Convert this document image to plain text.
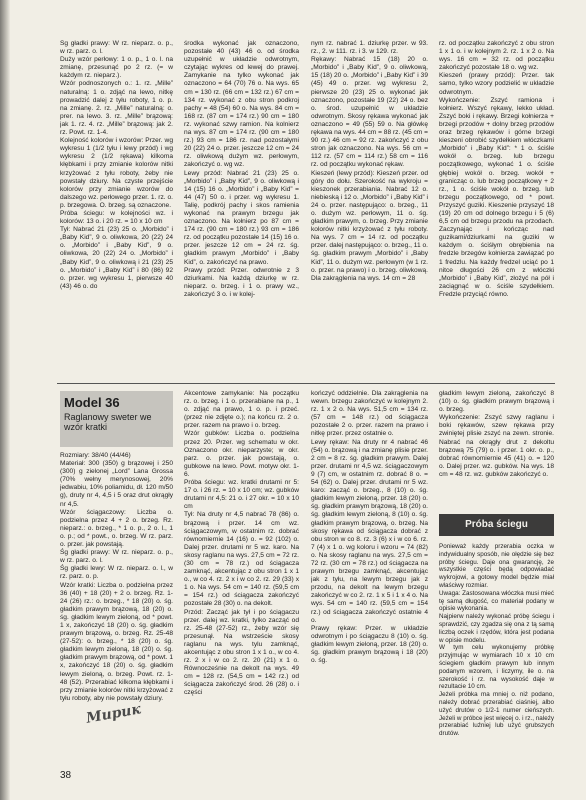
Śg gładki prawy: W rz. nieparz. o. p., w rz. parz. o. l.

Duży wzór perłowy: 1 o. p., 1 o. l. na zmianę, przesunąć po 2 rz. (= w każdym rz. nieparz.).

Wzór podnoszonych o.: 1. rz. „Mille” naturalną: 1 o. zdjąć na lewo, nitkę prowadzić dalej z tyłu roboty, 1 o. p. na zmianę. 2. rz. „Mille” naturalną: o. prer. na lewo. 3. rz. „Mille” brązową: jak 1. rz. 4. rz. „Mille” brązową: jak 2. rz. Powt. rz. 1-4.

Kolejność kolorów i wzorów: Przer. wg wykresu 1 (1/2 tyłu i lewy przód) i wg wykresu 2 (1/2 rękawa) kilkoma kłębkami i przy zmianie kolorów nitki krzyżować z tyłu roboty, żeby nie powstały dziury. Na czyste przejście kolorów przy zmianie wzorów do dalszego wz. perłowego przer. 1. rz. o. p. brzegowa. O. brzeg. są oznaczone.

Próba ściegu: w kolejności wz. i kolorów: 13 o. i 20 rz. = 10 x 10 cm

Tył: Nabrać 21 (23) 25 o. „Morbido” i „Baby Kid”, 9 o. oliwkowa, 20 (22) 24 o. „Morbido” i „Baby Kid”, 9 o. oliwkowa, 20 (22) 24 o. „Morbido” i „Baby Kid”, 9 o. oliwkową i 21 (23) 25 o. „Morbido” i „Baby Kid” i 80 (86) 92 o. przer. wg wykresu 1, pierwsze 40 (43) 46 o. do

środka wykonać jak oznaczono, pozostałe 40 (43) 46 o. od środka uzupełnić w układzie odwrotnym, czytając wykres od lewej do prawej. Zamykanie na tylko wykonać jak oznaczono = 64 (70) 76 o. Na wys. 65 cm = 130 rz. (66 cm = 132 rz.) 67 cm = 134 rz. wykonać z obu stron podkroj pachy = 48 (54) 60 o. Na wys. 84 cm = 168 rz. (87 cm = 174 rz.) 90 cm = 180 rz. wykonać szwy ramion. Na kolnierz na wys. 87 cm = 174 rz. (90 cm = 180 rz.) 93 cm = 186 rz. nad pozostałymi 20 (22) 24 o. przer. jeszcze 12 cm = 24 rz. oliwkową dużym wz. perłowym, zakończyć o. wg wz.

Lewy przód: Nabrać 21 (23) 25 o. „Morbido” i „Baby Kid”, 9 o. oliwkową i 14 (15) 16 o. „Morbido” i „Baby Kid” = 44 (47) 50 o. i przer. wg wykresu 1. Talię, podkrój pachy i skos ramienia wykonać na prawym brzegu jak oznaczono. Na kołnierz po 87 cm = 174 rz. (90 cm = 180 rz.) 93 cm = 186 rz. od początku pozostałe 14 (15) 16 o. przer. jeszcze 12 cm = 24 rz. śg. gładkim prawym „Morbido” i „Baby Kid”, o. zakończyć na prawo.

Prawy przód: Przer. odwrotnie z 3 dziurkami. Na każdą dziurkę w rz. nieparz. o. brzeg. i 1 o. prawy wz., zakończyć 3 o. i w kolej-

nym rz. nabrać 1. dziurkę przer. w 93. rz., 2. w 111. rz. i 3. w 129. rz.

Rękawy: Nabrać 15 (18) 20 o. „Morbido” i „Baby Kid”, 9 o. oliwkową, 15 (18) 20 o. „Morbido” i „Baby Kid” i 39 (45) 49 o. przer. wg wykresu 2, pierwsze 20 (23) 25 o. wykonać jak oznaczono, pozostałe 19 (22) 24 o. bez o. środ. uzupełnić w układzie odwrotnym. Skosy rękawa wykonać jak oznaczono = 49 (55) 59 o. Na główkę rękawa na wys. 44 cm = 88 rz. (45 cm = 90 rz.) 46 cm = 92 rz. zakończyć z obu stron jak oznaczono. Na wys. 56 cm = 112 rz. (57 cm = 114 rz.) 58 cm = 116 rz. od początku wykonać rękaw.

Kieszeń (lewy przód): Kieszeń przer. od góry do dołu. Szerokość na wykroju = kieszonek przerabiania. Nabrać 12 o. niebieską i 12 o. „Morbido” i „Baby Kid” i 24 o. przer. następująco: o. brzeg., 11 o. dużym wz. perłowym, 11 o. śg. gładkim prawym, o. brzeg. Przy zmianie kolorów nitki krzyżować z tyłu roboty. Na wys. 7 cm = 14 rz. od początku przer. dalej następująco: o. brzeg., 11 o. śg. gładkim prawym „Morbido” i „Baby Kid”, 11 o. dużym wz. perłowym (w 1 rz. o. przer. na prawo) i o. brzeg. oliwkową. Dla zakrąglenia na wys. 14 cm = 28

rz. od początku zakończyć z obu stron 1 x 1 o. i w kolejnym 2. rz. 1 x 2 o. Na wys. 16 cm = 32 rz. od początku zakończyć pozostałe 18 o. wg wz.

Kieszeń (prawy przód): Przer. tak samo, tylko wzory podzielić w układzie odwrotnym.

Wykończenie: Zszyć ramiona i kołnierz. Wszyć rękawy, lekko układ. Zszyć boki i rękawy. Brzegi kołnierza + brzegi przodów + dolny brzeg przodów oraz brzeg rękawów i górne brzegi kieszeni obrobić szydełkiem włóczkami „Morbido” i „Baby Kid”: * 1 o. ściśle wokół o. brzeg. lub brzegu początkowego, wykonać 1 o. ściśle głębiej wokół o. brzeg. wokół + granicząc o. lub brzeg początkowy + 2 rz., 1 o. ściśle wokół o. brzeg. lub brzegu początkowego, od * powt. Przyszyć guziki. Kieszenie przyszyć 18 (19) 20 cm od dolnego brzegu i 5 (6) 6,5 cm od brzegu przodu na przodach. Zaczynając i kończąc nad guzikami/dziurkami na guziki w każdym o. ściśłym obrębienia na fredzle brzegów kołnierza zawiązać po 1 fredzlu. Na każdy fredzel uciąć po 1 nitce długości 26 cm z włóczki „Morbido” i „Baby Kid”, złożyć na pół i zaciągnąć w o. ściśle szydełkiem. Fredzle przyciąć równo.

Model 36
Raglanowy sweter we wzór kratki

Rozmiary: 38/40 (44/46)

Materiał: 300 (350) g brązowej i 250 (300) g zielonej „Lord” Lana Grossa (70% wełny merynosowej, 20% jedwabiu, 10% poliamidu, dł. 120 m/50 g), druty nr 4, 4,5 i 5 oraz drut okrągły nr 4,5.

Wzór ściągaczowy: Liczba o. podzielna przez 4 + 2 o. brzeg. Rz. nieparz.: o. brzeg., * 1 o. p., 2 o. l., 1 o. p.; od * powt., o. brzeg. W rz. parz. o. przer. jak powstają.

Śg gładki prawy: W rz. nieparz. o. p., w rz. parz. o. l.

Śg gładki lewy: W rz. nieparz. o. l., w rz. parz. o. p.

Wzór kratki: Liczba o. podzielna przez 36 (40) + 18 (20) + 2 o. brzeg. Rz. 1-24 (26) rz.: o. brzeg., * 18 (20) o. śg. gładkim prawym brązową, 18 (20) o. śg. gładkim lewym zieloną, od * powt. 1 x, zakończyć 18 (20) o. śg. gładkim prawym brązową, o. brzeg. Rz. 25-48 (27-52): o. brzeg., * 18 (20) o. śg. gładkim lewym zieloną, 18 (20) o. śg. gładkim prawym brązową, od * powt. 1 x, zakończyć 18 (20) o. śg. gładkim lewym zieloną, o. brzeg. Powt. rz. 1-48 (52). Przerabiać kilkoma kłębkami i przy zmianie kolorów nitki krzyżować z tyłu roboty, aby nie powstały dziury.

Akcentowe zamykanie: Na początku rz. o. brzeg. i 1 o. przerabiane na p., 1 o. zdjąć na prawo, 1 o. p. i przeć. (przez nie zdjęte o.); na końcu rz. 2 o. przer. razem na prawo i o. brzeg.

Wzór gubków: Liczba o. podzielna przez 20. Przer. wg schematu w okr. Oznaczono okr. nieparzyste; w okr. parz. o. przer. jak powstają, o. gubkowe na lewo. Powt. motyw okr. 1-6.

Próba ściegu: wz. kratki drutami nr 5: 17 o. i 26 rz. = 10 x 10 cm; wz. gubków drutami nr 4,5: 21 o. i 27 okr. = 10 x 10 cm

Tył: Na druty nr 4,5 nabrać 78 (86) o. brązową i przer. 14 cm wz. ściągaczowym, w ostatnim rz. dobrać równomiernie 14 (16) o. = 92 (102) o. Dalej przer. drutami nr 5 wz. karo. Na skosy raglanu na wys. 27,5 cm = 72 rz. (30 cm = 78 rz.) od ściągacza zamknąć, akcentując z obu stron 1 x 1 o., w co 4. rz. 2 x i w co 2. rz. 29 (33) x 1 o. Na wys. 54 cm = 140 rz. (59,5 cm = 154 rz.) od ściągacza zakończyć pozostałe 28 (30) o. na dekolt.

Przód: Zacząć jak tył i po ściągaczu przer. dalej wz. kratki, tylko zacząć od rz. 25-48 (27-52) rz., żeby wzór się przesunął. Na wstrzeście skosy raglanu na wys. tylu zamknąć, akcentując z obu stron 1 x 1 o., w co 4. rz. 2 x i w co 2. rz. 20 (21) x 1 o. Równocześnie na dekolt na wys. 49 cm = 128 rz. (54,5 cm = 142 rz.) od ściągacza zakończyć środ. 26 (28) o. i części

kończyć oddzielnie. Dla zakrąglenia na wewn. brzegu zakończyć w kolejnym 2. rz. 1 x 2 o. Na wys. 51,5 cm = 134 rz. (57 cm = 148 rz.) od ściągacza pozostałe 2 o. przer. razem na prawo i nitkę przer. przez ostatnie o.

Lewy rękaw: Na druty nr 4 nabrać 46 (54) o. brązową i na zmianę plisie przer. 2 cm = 8 rz. śg. gładkim prawym. Dalej przer. drutami nr 4,5 wz. ściągaczowym 9 (7) cm, w ostatnim rz. dobrać 8 o. = 54 (62) o. Dalej przer. drutami nr 5 wz. karo: zacząć o. brzeg., 8 (10) o. śg. gładkim lewym zieloną, przer. 18 (20) o. śg. gładkim prawym brązową, 18 (20) o. śg. gładkim lewym zieloną, 8 (10) o. śg. gładkim prawym brązową, o. brzeg. Na skosy rękawa od ściągacza dobrać z obu stron w co 8. rz. 3 (6) x i w co 6. rz. 7 (4) x 1 o. wg koloru i wzoru = 74 (82) o. Na skosy raglanu na wys. 27,5 cm = 72 rz. (30 cm = 78 rz.) od ściągacza na prawym brzegu zamknąć, akcentując jak z tyłu, na lewym brzegu jak z przodu, na dekolt na lewym brzegu zakończyć w co 2. rz. 1 x 5 i 1 x 4 o. Na wys. 54 cm = 140 rz. (59,5 cm = 154 rz.) od ściągacza zakończyć ostatnie 4 o.

Prawy rękaw: Przer. w układzie odwrotnym i po ściągaczu 8 (10) o. śg. gładkim lewym zieloną, przer. 18 (20) o. śg. gładkim prawym brązową i 18 (20) o. śg.

gładkim lewym zieloną, zakończyć 8 (10) o. śg. gładkim prawym brązową i o. brzeg.

Wykończenie: Zszyć szwy raglanu i boki rękawów, szew rękawa przy zwiniętej plisie zszyć na zewn. stronie. Nabrać na okrągły drut z dekoltu brązową 75 (79) o. i przer. 1 okr. o. p., dobrać równomiernie 45 (41) o. = 120 o. Dalej przer. wz. gubków. Na wys. 18 cm = 48 rz. wz. gubków zakończyć o.

Próba ściegu

Ponieważ każdy przerabia oczka w indywidualny sposób, nie ołędzie się bez próby ściegu. Daje ona gwarancję, że wszystkie części będą odpowiadać wykrojowi, a gotowy model będzie miał właściwy rozmiar.

Uwaga: Zastosowana włóczka musi mieć tę samą długość, co materiał podany w opisie wykonania.

Najpierw należy wykonać próbę ściegu i sprawdzić, czy zgadza się ona z tą samą liczbą oczek i rzędów, która jest podana w opisie modelu.

W tym celu wykonujemy próbkę przyjmując w wymiarach 10 x 10 cm ściegiem gładkim prawym lub innym podanym wzorem, i liczymy, ile o. na szerokość i rz. na wysokość daje w rezultacie 10 cm.

Jeżeli próbka ma mniej o. niż podano, należy dobrać przerabiać ciaśniej, albo użyć drutów o 1/2-1 numer cieńszych. Jeżeli w próbce jest więcej o. i rz., należy przerabiać luźniej lub użyć grubszych drutów.

Мирик
38
